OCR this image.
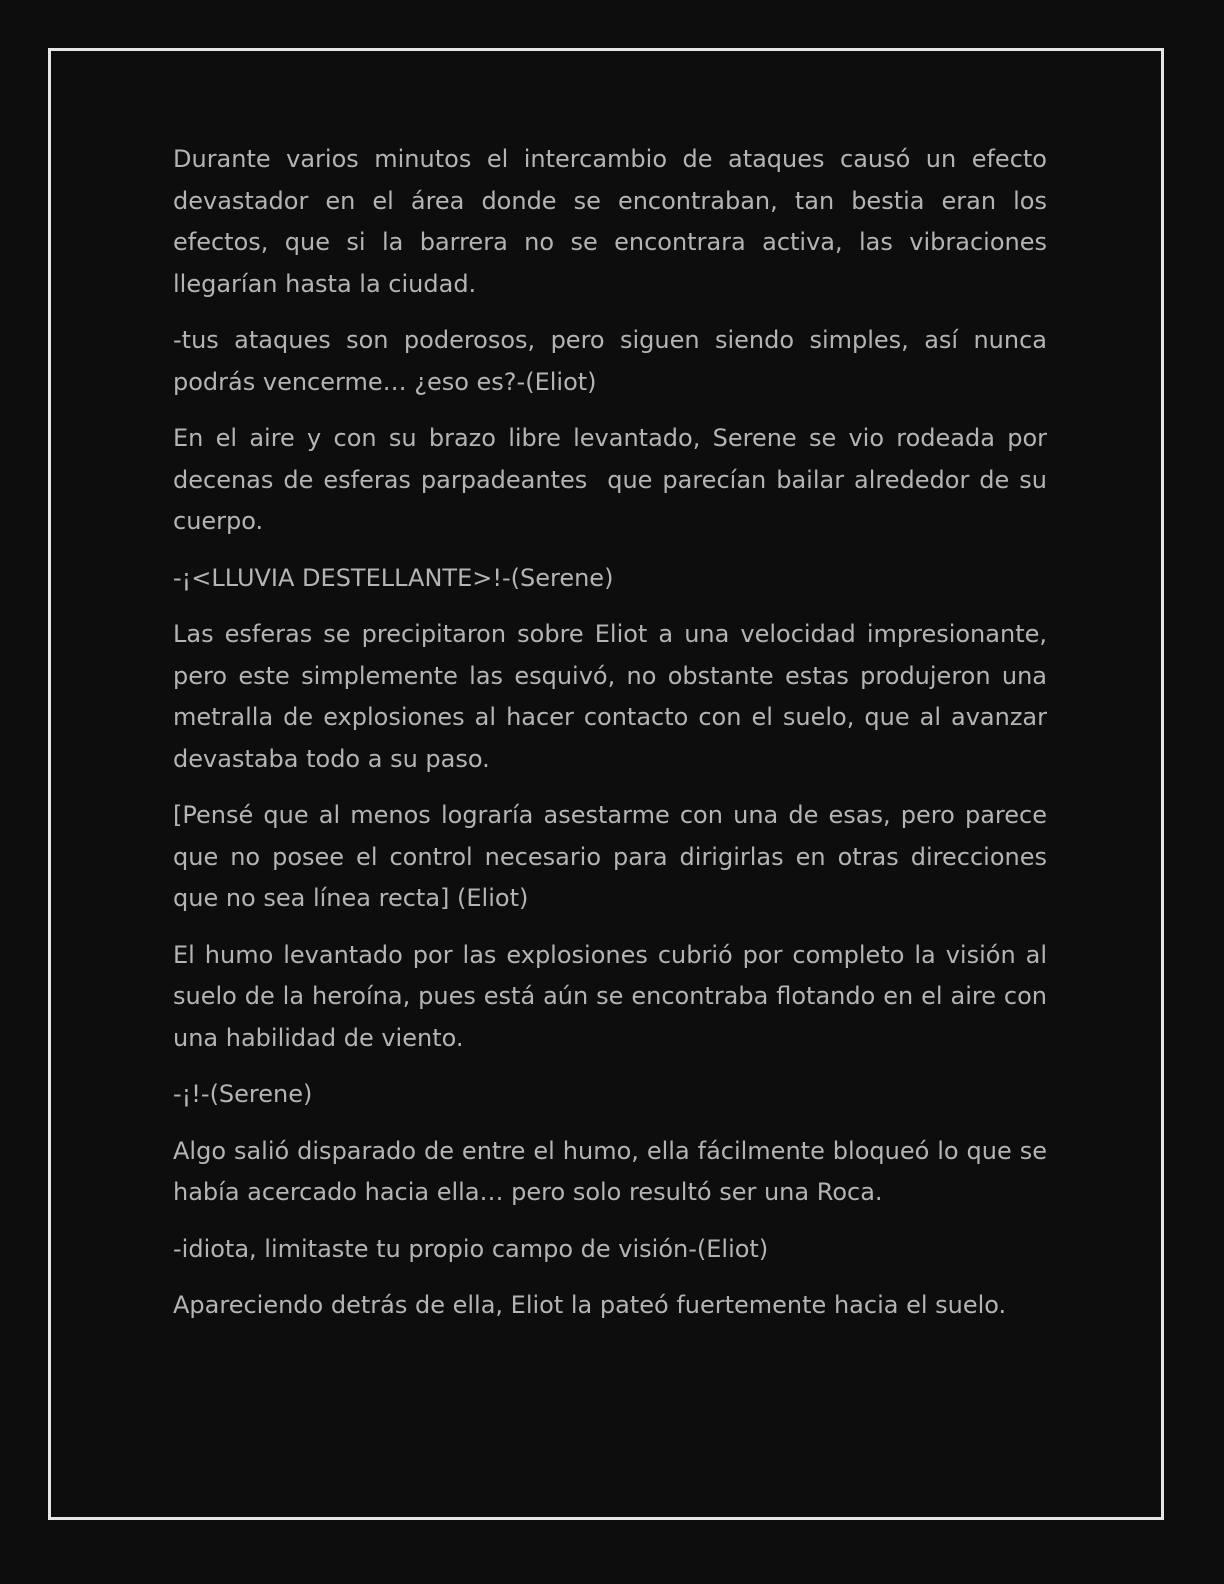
Durante varios minutos el intercambio de ataques causó un efecto devastador en el área donde se encontraban, tan bestia eran los efectos, que si la barrera no se encontrara activa, las vibraciones llegarían hasta la ciudad.

-tus ataques son poderosos, pero siguen siendo simples, así nunca podrás vencerme… ¿eso es?-(Eliot)

En el aire y con su brazo libre levantado, Serene se vio rodeada por decenas de esferas parpadeantes  que parecían bailar alrededor de su cuerpo.

-¡<LLUVIA DESTELLANTE>!-(Serene)

Las esferas se precipitaron sobre Eliot a una velocidad impresionante, pero este simplemente las esquivó, no obstante estas produjeron una metralla de explosiones al hacer contacto con el suelo, que al avanzar devastaba todo a su paso.

[Pensé que al menos lograría asestarme con una de esas, pero parece que no posee el control necesario para dirigirlas en otras direcciones que no sea línea recta] (Eliot)

El humo levantado por las explosiones cubrió por completo la visión al suelo de la heroína, pues está aún se encontraba flotando en el aire con una habilidad de viento.

-¡!-(Serene)

Algo salió disparado de entre el humo, ella fácilmente bloqueó lo que se había acercado hacia ella… pero solo resultó ser una Roca.

-idiota, limitaste tu propio campo de visión-(Eliot)

Apareciendo detrás de ella, Eliot la pateó fuertemente hacia el suelo.
